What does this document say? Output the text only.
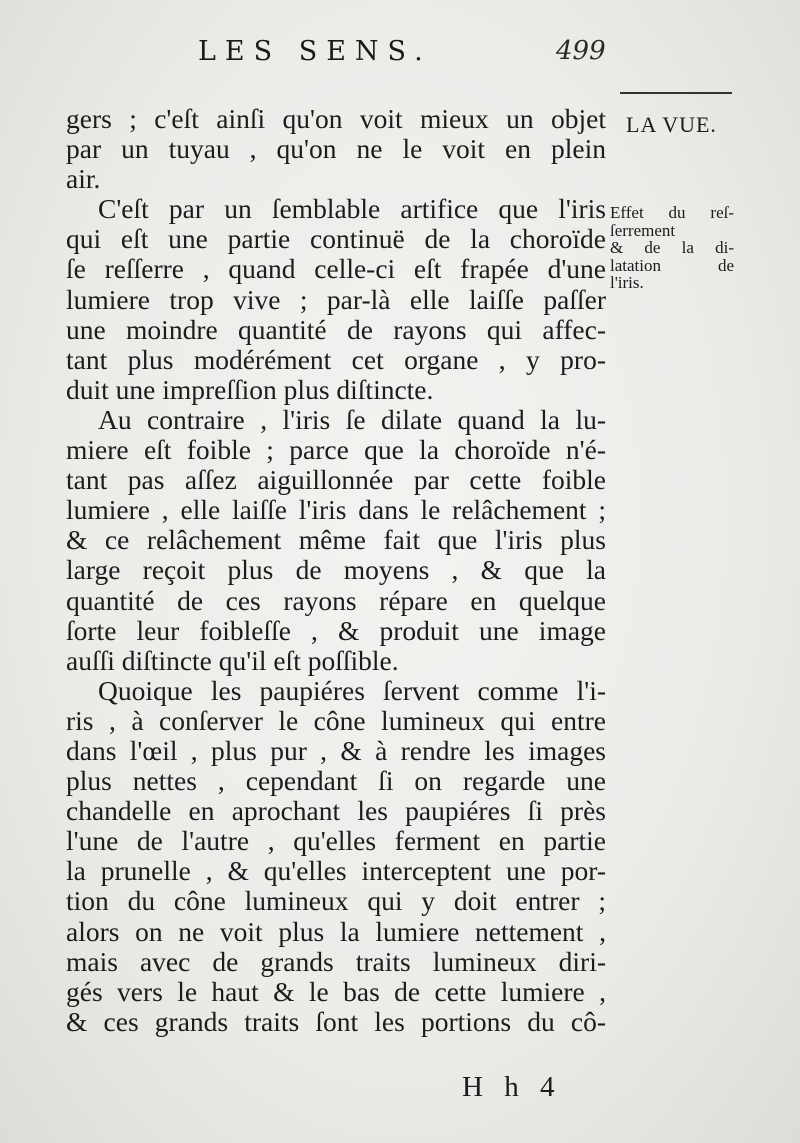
LES SENS.	499
LA VUE.
Effet du reſ-
ſerrement
& de la di-
latation de
l'iris.
gers ; c'eſt ainſi qu'on voit mieux un objet
par un tuyau , qu'on ne le voit en plein
air.
C'eſt par un ſemblable artifice que l'iris
qui eſt une partie continuë de la choroïde
ſe reſſerre , quand celle-ci eſt frapée d'une
lumiere trop vive ; par-là elle laiſſe paſſer
une moindre quantité de rayons qui affec-
tant plus modérément cet organe , y pro-
duit une impreſſion plus diſtincte.
Au contraire , l'iris ſe dilate quand la lu-
miere eſt foible ; parce que la choroïde n'é-
tant pas aſſez aiguillonnée par cette foible
lumiere , elle laiſſe l'iris dans le relâchement ;
& ce relâchement même fait que l'iris plus
large reçoit plus de moyens , & que la
quantité de ces rayons répare en quelque
ſorte leur foibleſſe , & produit une image
auſſi diſtincte qu'il eſt poſſible.
Quoique les paupiéres ſervent comme l'i-
ris , à conſerver le cône lumineux qui entre
dans l'œil , plus pur , & à rendre les images
plus nettes , cependant ſi on regarde une
chandelle en aprochant les paupiéres ſi près
l'une de l'autre , qu'elles ferment en partie
la prunelle , & qu'elles interceptent une por-
tion du cône lumineux qui y doit entrer ;
alors on ne voit plus la lumiere nettement ,
mais avec de grands traits lumineux diri-
gés vers le haut & le bas de cette lumiere ,
& ces grands traits ſont les portions du cô-
H h 4
